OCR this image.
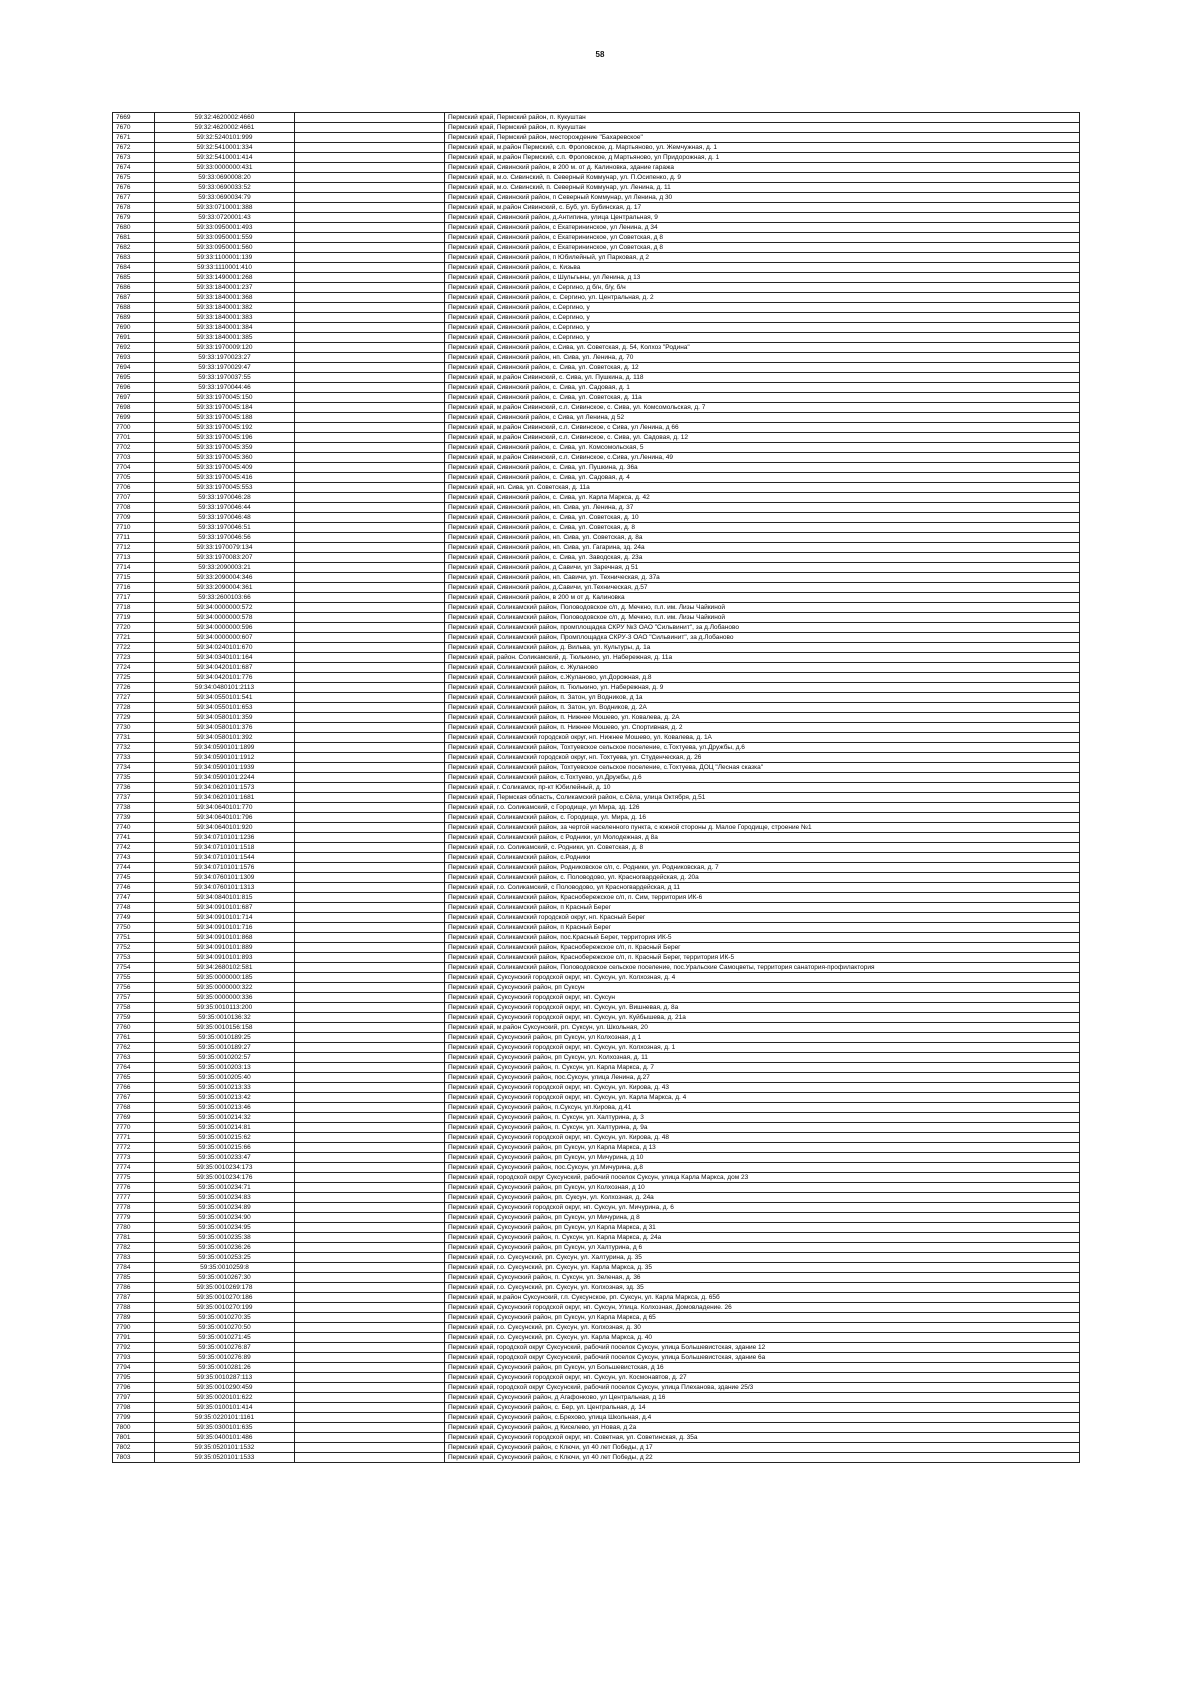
58
7669	59:32:4620002:4660		Пермский край, Пермский район, п. Кукуштан
7670	59:32:4620002:4661		Пермский край, Пермский район, п. Кукуштан
7671	59:32:5240101:999		Пермский край, Пермский район, месторождение "Бахаревское"
7672	59:32:5410001:334		Пермский край, м.район Пермский, с.п. Фроловское, д. Мартьяново, ул. Жемчужная, д. 1
7673	59:32:5410001:414		Пермский край, м.район Пермский, с.п. Фроловское, д Мартьяново, ул Придорожная, д. 1
7674	59:33:0000000:431		Пермский край, Сивинский район, в 200 м. от д. Калиновка, здание гаража
7675	59:33:0690008:20		Пермский край, м.о. Сивинский, п. Северный Коммунар, ул. П.Осипенко, д. 9
7676	59:33:0690033:52		Пермский край, м.о. Сивинский, п. Северный Коммунар, ул. Ленина, д. 11
7677	59:33:0690034:79		Пермский край, Сивинский район, п Северный Коммунар, ул Ленина, д 30
7678	59:33:0710001:388		Пермский край, м.район Сивинский, с. Буб, ул. Бубинская, д. 17
7679	59:33:0720001:43		Пермский край, Сивинский район, д.Антипина, улица Центральная, 9
7680	59:33:0950001:493		Пермский край, Сивинский район, с Екатерининское, ул Ленина, д 34
7681	59:33:0950001:559		Пермский край, Сивинский район, с Екатерининское, ул Советская, д 8
7682	59:33:0950001:560		Пермский край, Сивинский район, с Екатерининское, ул Советская, д 8
7683	59:33:1100001:139		Пермский край, Сивинский район, п Юбилейный, ул Парковая, д 2
7684	59:33:1110001:410		Пермский край, Сивинский район, с. Кизьва
7685	59:33:1490001:268		Пермский край, Сивинский район, с Шульгыны, ул Ленина, д 13
7686	59:33:1840001:237		Пермский край, Сивинский район, с Сергино, д б/н, б/у, б/н
7687	59:33:1840001:368		Пермский край, Сивинский район, с. Сергино, ул. Центральная, д. 2
7688	59:33:1840001:382		Пермский край, Сивинский район, с.Сергино, у
7689	59:33:1840001:383		Пермский край, Сивинский район, с.Сергино, у
7690	59:33:1840001:384		Пермский край, Сивинский район, с.Сергино, у
7691	59:33:1840001:385		Пермский край, Сивинский район, с.Сергино, у
7692	59:33:1970009:120		Пермский край, Сивинский район, с.Сива, ул. Советская, д. 54, Колхоз "Родина"
7693	59:33:1970023:27		Пермский край, Сивинский район, нп. Сива, ул. Ленина, д. 70
7694	59:33:1970029:47		Пермский край, Сивинский район, с. Сива, ул. Советская, д. 12
7695	59:33:1970037:55		Пермский край, м.район Сивинский, с. Сива, ул. Пушкина, д. 118
7696	59:33:1970044:46		Пермский край, Сивинский район, с. Сива, ул. Садовая, д. 1
7697	59:33:1970045:150		Пермский край, Сивинский район, с. Сива, ул. Советская, д. 11а
7698	59:33:1970045:184		Пермский край, м.район Сивинский, с.п. Сивинское, с. Сива, ул. Комсомольская, д. 7
7699	59:33:1970045:188		Пермский край, Сивинский район, с Сива, ул Ленина, д 52
7700	59:33:1970045:192		Пермский край, м.район Сивинский, с.п. Сивинское, с Сива, ул Ленина, д 66
7701	59:33:1970045:196		Пермский край, м.район Сивинский, с.п. Сивинское, с. Сива, ул. Садовая, д. 12
7702	59:33:1970045:359		Пермский край, Сивинский район, с. Сива, ул. Комсомольская, 5
7703	59:33:1970045:360		Пермский край, м.район Сивинский, с.п. Сивинское, с.Сива, ул.Ленина, 49
7704	59:33:1970045:409		Пермский край, Сивинский район, с. Сива, ул. Пушкина, д. 36а
7705	59:33:1970045:416		Пермский край, Сивинский район, с. Сива, ул. Садовая, д. 4
7706	59:33:1970045:553		Пермский край, нп. Сива, ул. Советская, д. 11а
7707	59:33:1970046:28		Пермский край, Сивинский район, с. Сива, ул. Карла Маркса, д. 42
7708	59:33:1970046:44		Пермский край, Сивинский район, нп. Сива, ул. Ленина, д. 37
7709	59:33:1970046:48		Пермский край, Сивинский район, с. Сива, ул. Советская, д. 10
7710	59:33:1970046:51		Пермский край, Сивинский район, с. Сива, ул. Советская, д. 8
7711	59:33:1970046:56		Пермский край, Сивинский район, нп. Сива, ул. Советская, д. 8а
7712	59:33:1970079:134		Пермский край, Сивинский район, нп. Сива, ул. Гагарина, зд. 24а
7713	59:33:1970083:207		Пермский край, Сивинский район, с. Сива, ул. Заводская, д. 23а
7714	59:33:2090003:21		Пермский край, Сивинский район, д Савичи, ул Заречная, д 51
7715	59:33:2090004:346		Пермский край, Сивинский район, нп. Савичи, ул. Техническая, д. 37а
7716	59:33:2090004:361		Пермский край, Сивинский район, д.Савичи, ул.Техническая, д.57
7717	59:33:2600103:66		Пермский край, Сивинский район, в 200 м от д. Калиновка
7718	59:34:0000000:572		Пермский край, Соликамский район, Половодовское с/п, д. Мечкно, п.л. им. Лизы Чайкиной
7719	59:34:0000000:578		Пермский край, Соликамский район, Половодовское с/п, д. Мечкно, п.л. им. Лизы Чайкиной
7720	59:34:0000000:596		Пермский край, Соликамский район, промплощадка СКРУ №3 ОАО "Сильвинит", за д.Лобаново
7721	59:34:0000000:607		Пермский край, Соликамский район, Промплощадка СКРУ-3 ОАО "Сильвинит", за д.Лобаново
7722	59:34:0240101:670		Пермский край, Соликамский район, д. Вильва, ул. Культуры, д. 1а
7723	59:34:0340101:164		Пермский край, район. Соликамский, д. Тюлькино, ул. Набережная, д. 11а
7724	59:34:0420101:687		Пермский край, Соликамский район, с. Жуланово
7725	59:34:0420101:776		Пермский край, Соликамский район, с.Жуланово, ул.Дорожная, д.8
7726	59:34:0480101:2113		Пермский край, Соликамский район, п. Тюлькино, ул. Набережная, д. 9
7727	59:34:0550101:541		Пермский край, Соликамский район, п. Затон, ул Водников, д 1а
7728	59:34:0550101:653		Пермский край, Соликамский район, п. Затон, ул. Водников, д. 2А
7729	59:34:0580101:359		Пермский край, Соликамский район, п. Нижнее Мошево, ул. Ковалева, д. 2А
7730	59:34:0580101:376		Пермский край, Соликамский район, п. Нижнее Мошево, ул. Спортивная, д. 2
7731	59:34:0580101:392		Пермский край, Соликамский городской округ, нп. Нижнее Мошево, ул. Ковалева, д. 1А
7732	59:34:0590101:1899		Пермский край, Соликамский район, Тохтуевское сельское поселение, с.Тохтуева, ул.Дружбы, д.6
7733	59:34:0590101:1912		Пермский край, Соликамский городской округ, нп. Тохтуева, ул. Студенческая, д. 26
7734	59:34:0590101:1939		Пермский край, Соликамский район, Тохтуевское сельское поселение, с.Тохтуева, ДОЦ "Лесная сказка"
7735	59:34:0590101:2244		Пермский край, Соликамский район, с.Тохтуево, ул.Дружбы, д.6
7736	59:34:0620101:1573		Пермский край, г. Соликамск, пр-кт Юбилейный, д. 10
7737	59:34:0620101:1681		Пермский край, Пермская область, Соликамский район, с.Сёла, улица Октября, д.51
7738	59:34:0640101:770		Пермский край, г.о. Соликамский, с Городище, ул Мира, зд. 126
7739	59:34:0640101:796		Пермский край, Соликамский район, с. Городище, ул. Мира, д. 16
7740	59:34:0640101:920		Пермский край, Соликамский район, за чертой населенного пункта, с южной стороны д. Малое Городище, строение №1
7741	59:34:0710101:1236		Пермский край, Соликамский район, с Родники, ул Молодежная, д 8а
7742	59:34:0710101:1518		Пермский край, г.о. Соликамский, с. Родники, ул. Советская, д. 8
7743	59:34:0710101:1544		Пермский край, Соликамский район, с.Родники
7744	59:34:0710101:1576		Пермский край, Соликамский район, Родниковское с/п, с. Родники, ул. Родниковская, д. 7
7745	59:34:0760101:1309		Пермский край, Соликамский район, с. Половодово, ул. Красногвардейская, д. 20а
7746	59:34:0760101:1313		Пермский край, г.о. Соликамский, с Половодово, ул Красногвардейская, д 11
7747	59:34:0840101:815		Пермский край, Соликамский район, Краснобережское с/п, п. Сим, территория ИК-6
7748	59:34:0910101:687		Пермский край, Соликамский район, п Красный Берег
7749	59:34:0910101:714		Пермский край, Соликамский городской округ, нп. Красный Берег
7750	59:34:0910101:716		Пермский край, Соликамский район, п Красный Берег
7751	59:34:0910101:868		Пермский край, Соликамский район, пос.Красный Берег, территория ИК-5
7752	59:34:0910101:889		Пермский край, Соликамский район, Краснобережское с/п, п. Красный Берег
7753	59:34:0910101:893		Пермский край, Соликамский район, Краснобережское с/п, п. Красный Берег, территория ИК-5
7754	59:34:2680102:581		Пермский край, Соликамский район, Половодовское сельское поселение, пос.Уральские Самоцветы, территория санатория-профилактория
7755	59:35:0000000:185		Пермский край, Суксунский городской округ, нп. Суксун, ул. Колхозная, д. 4
7756	59:35:0000000:322		Пермский край, Суксунский район, рп Суксун
7757	59:35:0000000:336		Пермский край, Суксунский городской округ, нп. Суксун
7758	59:35:0010113:200		Пермский край, Суксунский городской округ, нп. Суксун, ул. Вишневая, д. 8а
7759	59:35:0010136:32		Пермский край, Суксунский городской округ, нп. Суксун, ул. Куйбышева, д. 21а
7760	59:35:0010156:158		Пермский край, м.район Суксунский, рп. Суксун, ул. Школьная, 20
7761	59:35:0010189:25		Пермский край, Суксунский район, рп Суксун, ул Колхозная, д 1
7762	59:35:0010189:27		Пермский край, Суксунский городской округ, нп. Суксун, ул. Колхозная, д. 1
7763	59:35:0010202:57		Пермский край, Суксунский район, рп Суксун, ул. Колхозная, д. 11
7764	59:35:0010203:13		Пермский край, Суксунский район, п. Суксун, ул. Карла Маркса, д. 7
7765	59:35:0010205:40		Пермский край, Суксунский район, пос.Суксун, улица Ленина, д.27
7766	59:35:0010213:33		Пермский край, Суксунский городской округ, нп. Суксун, ул. Кирова, д. 43
7767	59:35:0010213:42		Пермский край, Суксунский городской округ, нп. Суксун, ул. Карла Маркса, д. 4
7768	59:35:0010213:46		Пермский край, Суксунский район, п.Суксун, ул.Кирова, д.41
7769	59:35:0010214:32		Пермский край, Суксунский район, п. Суксун, ул. Халтурина, д. 3
7770	59:35:0010214:81		Пермский край, Суксунский район, п. Суксун, ул. Халтурина, д. 9а
7771	59:35:0010215:62		Пермский край, Суксунский городской округ, нп. Суксун, ул. Кирова, д. 48
7772	59:35:0010215:66		Пермский край, Суксунский район, рп Суксун, ул Карла Маркса, д 13
7773	59:35:0010233:47		Пермский край, Суксунский район, рп Суксун, ул Мичурина, д 10
7774	59:35:0010234:173		Пермский край, Суксунский район, пос.Суксун, ул.Мичурина, д.8
7775	59:35:0010234:176		Пермский край, городской округ Суксунский, рабочий поселок Суксун, улица Карла Маркса, дом 23
7776	59:35:0010234:71		Пермский край, Суксунский район, рп Суксун, ул Колхозная, д 10
7777	59:35:0010234:83		Пермский край, Суксунский район, рп. Суксун, ул. Колхозная, д. 24а
7778	59:35:0010234:89		Пермский край, Суксунский городской округ, нп. Суксун, ул. Мичурина, д. 6
7779	59:35:0010234:90		Пермский край, Суксунский район, рп Суксун, ул Мичурина, д 8
7780	59:35:0010234:95		Пермский край, Суксунский район, рп Суксун, ул Карла Маркса, д 31
7781	59:35:0010235:38		Пермский край, Суксунский район, п. Суксун, ул. Карла Маркса, д. 24а
7782	59:35:0010236:26		Пермский край, Суксунский район, рп Суксун, ул Халтурина, д 6
7783	59:35:0010253:25		Пермский край, г.о. Суксунский, рп. Суксун, ул. Халтурина, д. 35
7784	59:35:0010259:8		Пермский край, г.о. Суксунский, рп. Суксун, ул. Карла Маркса, д. 35
7785	59:35:0010267:30		Пермский край, Суксунский район, п. Суксун, ул. Зеленая, д. 36
7786	59:35:0010269:178		Пермский край, г.о. Суксунский, рп. Суксун, ул. Колхозная, зд. 35
7787	59:35:0010270:186		Пермский край, м.район Суксунский, г.п. Суксунское, рп. Суксун, ул. Карла Маркса, д. 65б
7788	59:35:0010270:199		Пермский край, Суксунский городской округ, нп. Суксун, Улица. Колхозная, Домовладение. 26
7789	59:35:0010270:35		Пермский край, Суксунский район, рп Суксун, ул Карла Маркса, д 65
7790	59:35:0010270:50		Пермский край, г.о. Суксунский, рп. Суксун, ул. Колхозная, д. 30
7791	59:35:0010271:45		Пермский край, г.о. Суксунский, рп. Суксун, ул. Карла Маркса, д. 40
7792	59:35:0010276:87		Пермский край, городской округ Суксунский, рабочий поселок Суксун, улица Большевистская, здание 12
7793	59:35:0010276:89		Пермский край, городской округ Суксунский, рабочий поселок Суксун, улица Большевистская, здание 6а
7794	59:35:0010281:26		Пермский край, Суксунский район, рп Суксун, ул Большевистская, д 16
7795	59:35:0010287:113		Пермский край, Суксунский городской округ, нп. Суксун, ул. Космонавтов, д. 27
7796	59:35:0010290:459		Пермский край, городской округ Суксунский, рабочий поселок Суксун, улица Плеханова, здание 25/3
7797	59:35:0020101:622		Пермский край, Суксунский район, д Агафонково, ул Центральная, д 16
7798	59:35:0100101:414		Пермский край, Суксунский район, с. Бер, ул. Центральная, д. 14
7799	59:35:0220101:1161		Пермский край, Суксунский район, с.Брехово, улица Школьная, д.4
7800	59:35:0300101:635		Пермский край, Суксунский район, д Киселево, ул Новая, д 2а
7801	59:35:0400101:486		Пермский край, Суксунский городской округ, нп. Советная, ул. Советинская, д. 35а
7802	59:35:0520101:1532		Пермский край, Суксунский район, с Ключи, ул 40 лет Победы, д 17
7803	59:35:0520101:1533		Пермский край, Суксунский район, с Ключи, ул 40 лет Победы, д 22
